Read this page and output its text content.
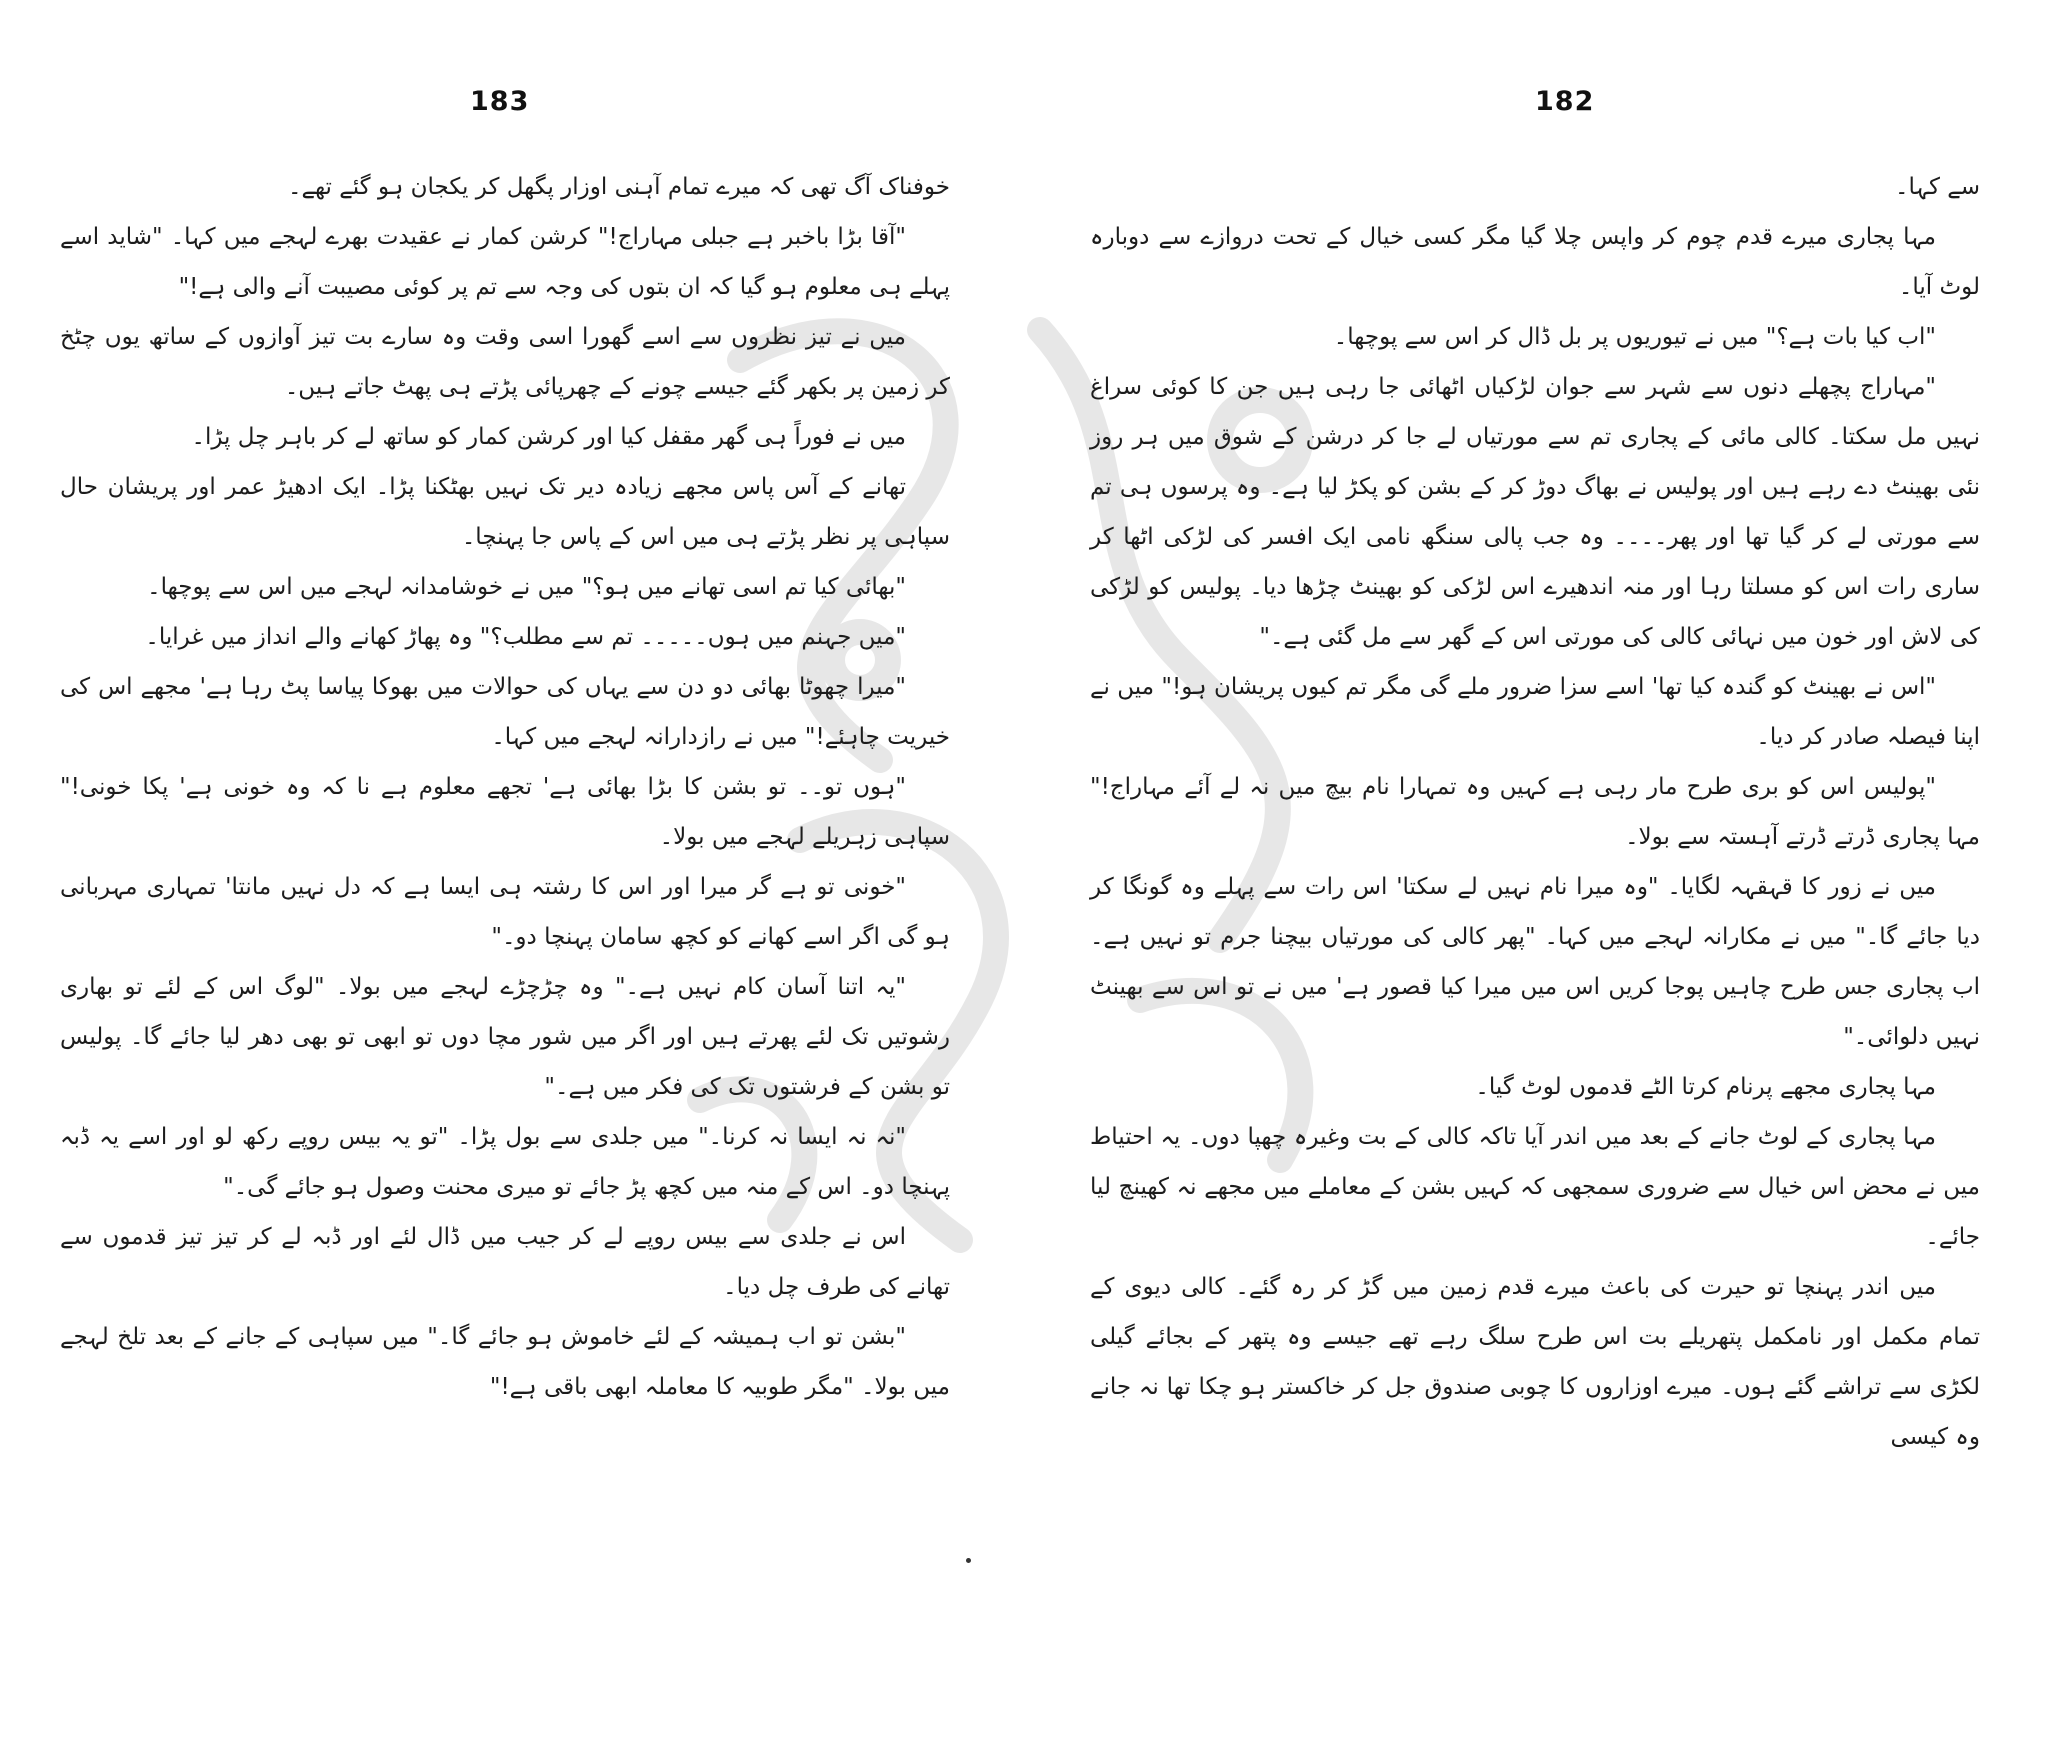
183

خوفناک آگ تھی کہ میرے تمام آہنی اوزار پگھل کر یکجان ہو گئے تھے۔

"آقا بڑا باخبر ہے جبلی مہاراج!" کرشن کمار نے عقیدت بھرے لہجے میں کہا۔ "شاید اسے پہلے ہی معلوم ہو گیا کہ ان بتوں کی وجہ سے تم پر کوئی مصیبت آنے والی ہے!"

میں نے تیز نظروں سے اسے گھورا اسی وقت وہ سارے بت تیز آوازوں کے ساتھ یوں چٹخ کر زمین پر بکھر گئے جیسے چونے کے چھرپائی پڑتے ہی پھٹ جاتے ہیں۔

میں نے فوراً ہی گھر مقفل کیا اور کرشن کمار کو ساتھ لے کر باہر چل پڑا۔

تھانے کے آس پاس مجھے زیادہ دیر تک نہیں بھٹکنا پڑا۔ ایک ادھیڑ عمر اور پریشان حال سپاہی پر نظر پڑتے ہی میں اس کے پاس جا پہنچا۔

"بھائی کیا تم اسی تھانے میں ہو؟" میں نے خوشامدانہ لہجے میں اس سے پوچھا۔

"میں جہنم میں ہوں۔۔۔۔۔ تم سے مطلب؟" وہ پھاڑ کھانے والے انداز میں غرایا۔

"میرا چھوٹا بھائی دو دن سے یہاں کی حوالات میں بھوکا پیاسا پٹ رہا ہے' مجھے اس کی خیریت چاہئے!" میں نے رازدارانہ لہجے میں کہا۔

"ہوں تو۔۔ تو بشن کا بڑا بھائی ہے' تجھے معلوم ہے نا کہ وہ خونی ہے' پکا خونی!" سپاہی زہریلے لہجے میں بولا۔

"خونی تو ہے گر میرا اور اس کا رشتہ ہی ایسا ہے کہ دل نہیں مانتا' تمہاری مہربانی ہو گی اگر اسے کھانے کو کچھ سامان پہنچا دو۔"

"یہ اتنا آسان کام نہیں ہے۔" وہ چڑچڑے لہجے میں بولا۔ "لوگ اس کے لئے تو بھاری رشوتیں تک لئے پھرتے ہیں اور اگر میں شور مچا دوں تو ابھی تو بھی دھر لیا جائے گا۔ پولیس تو بشن کے فرشتوں تک کی فکر میں ہے۔"

"نہ نہ ایسا نہ کرنا۔" میں جلدی سے بول پڑا۔ "تو یہ بیس روپے رکھ لو اور اسے یہ ڈبہ پہنچا دو۔ اس کے منہ میں کچھ پڑ جائے تو میری محنت وصول ہو جائے گی۔"

اس نے جلدی سے بیس روپے لے کر جیب میں ڈال لئے اور ڈبہ لے کر تیز تیز قدموں سے تھانے کی طرف چل دیا۔

"بشن تو اب ہمیشہ کے لئے خاموش ہو جائے گا۔" میں سپاہی کے جانے کے بعد تلخ لہجے میں بولا۔ "مگر طوبیہ کا معاملہ ابھی باقی ہے!"

182

سے کہا۔

مہا پجاری میرے قدم چوم کر واپس چلا گیا مگر کسی خیال کے تحت دروازے سے دوبارہ لوٹ آیا۔

"اب کیا بات ہے؟" میں نے تیوریوں پر بل ڈال کر اس سے پوچھا۔

"مہاراج پچھلے دنوں سے شہر سے جوان لڑکیاں اٹھائی جا رہی ہیں جن کا کوئی سراغ نہیں مل سکتا۔ کالی مائی کے پجاری تم سے مورتیاں لے جا کر درشن کے شوق میں ہر روز نئی بھینٹ دے رہے ہیں اور پولیس نے بھاگ دوڑ کر کے بشن کو پکڑ لیا ہے۔ وہ پرسوں ہی تم سے مورتی لے کر گیا تھا اور پھر۔۔۔۔ وہ جب پالی سنگھ نامی ایک افسر کی لڑکی اٹھا کر ساری رات اس کو مسلتا رہا اور منہ اندھیرے اس لڑکی کو بھینٹ چڑھا دیا۔ پولیس کو لڑکی کی لاش اور خون میں نہائی کالی کی مورتی اس کے گھر سے مل گئی ہے۔"

"اس نے بھینٹ کو گندہ کیا تھا' اسے سزا ضرور ملے گی مگر تم کیوں پریشان ہو!" میں نے اپنا فیصلہ صادر کر دیا۔

"پولیس اس کو بری طرح مار رہی ہے کہیں وہ تمہارا نام بیچ میں نہ لے آئے مہاراج!" مہا پجاری ڈرتے ڈرتے آہستہ سے بولا۔

میں نے زور کا قہقہہ لگایا۔ "وہ میرا نام نہیں لے سکتا' اس رات سے پہلے وہ گونگا کر دیا جائے گا۔" میں نے مکارانہ لہجے میں کہا۔ "پھر کالی کی مورتیاں بیچنا جرم تو نہیں ہے۔ اب پجاری جس طرح چاہیں پوجا کریں اس میں میرا کیا قصور ہے' میں نے تو اس سے بھینٹ نہیں دلوائی۔"

مہا پجاری مجھے پرنام کرتا الٹے قدموں لوٹ گیا۔

مہا پجاری کے لوٹ جانے کے بعد میں اندر آیا تاکہ کالی کے بت وغیرہ چھپا دوں۔ یہ احتیاط میں نے محض اس خیال سے ضروری سمجھی کہ کہیں بشن کے معاملے میں مجھے نہ کھینچ لیا جائے۔

میں اندر پہنچا تو حیرت کی باعث میرے قدم زمین میں گڑ کر رہ گئے۔ کالی دیوی کے تمام مکمل اور نامکمل پتھریلے بت اس طرح سلگ رہے تھے جیسے وہ پتھر کے بجائے گیلی لکڑی سے تراشے گئے ہوں۔ میرے اوزاروں کا چوبی صندوق جل کر خاکستر ہو چکا تھا نہ جانے وہ کیسی
